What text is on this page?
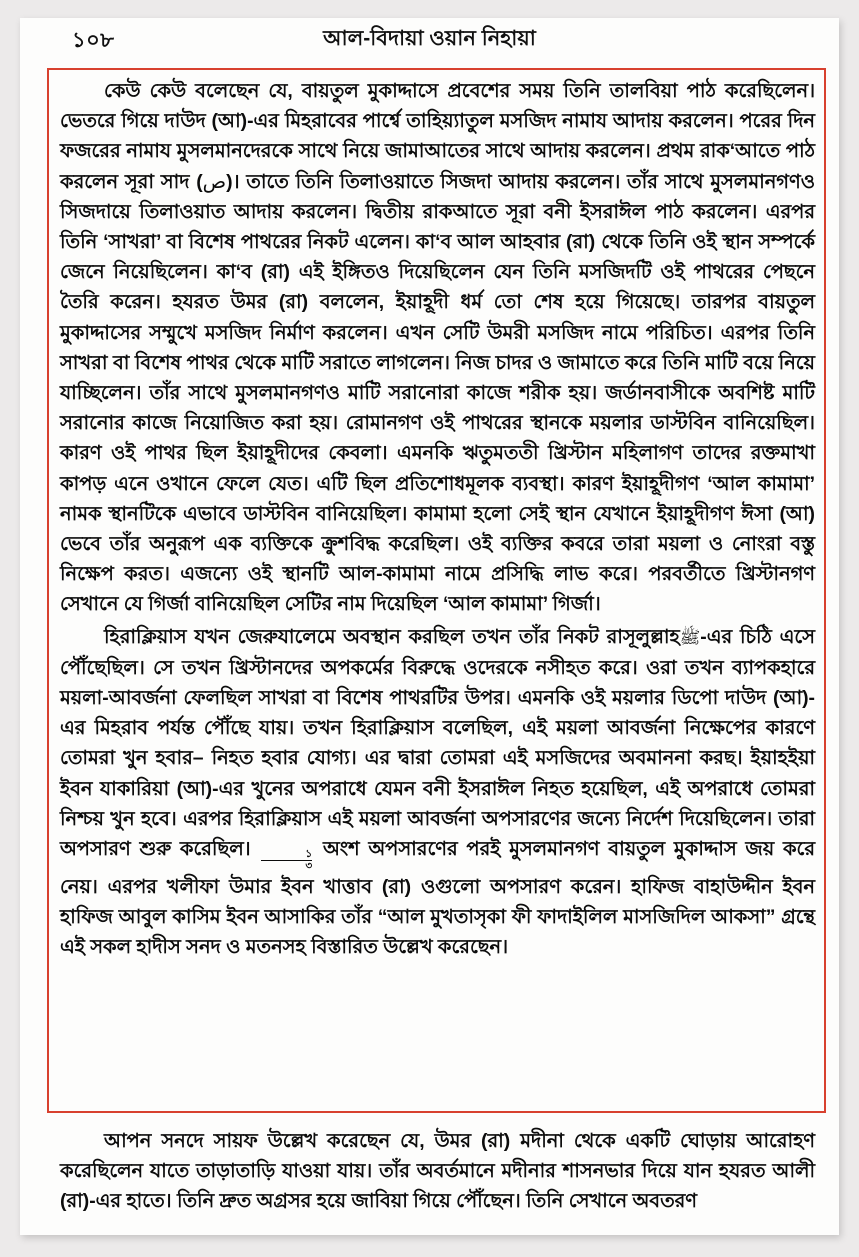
১০৮	আল-বিদায়া ওয়ান নিহায়া

কেউ কেউ বলেছেন যে, বায়তুল মুকাদ্দাসে প্রবেশের সময় তিনি তালবিয়া পাঠ করেছিলেন। ভেতরে গিয়ে দাউদ (আ)-এর মিহরাবের পার্শ্বে তাহিয়্যাতুল মসজিদ নামায আদায় করলেন। পরের দিন ফজরের নামায মুসলমানদেরকে সাথে নিয়ে জামাআতের সাথে আদায় করলেন। প্রথম রাক‘আতে পাঠ করলেন সূরা সাদ (ص)। তাতে তিনি তিলাওয়াতে সিজদা আদায় করলেন। তাঁর সাথে মুসলমানগণও সিজদায়ে তিলাওয়াত আদায় করলেন। দ্বিতীয় রাকআতে সূরা বনী ইসরাঈল পাঠ করলেন। এরপর তিনি ‘সাখরা’ বা বিশেষ পাথরের নিকট এলেন। কা‘ব আল আহবার (রা) থেকে তিনি ওই স্থান সম্পর্কে জেনে নিয়েছিলেন। কা‘ব (রা) এই ইঙ্গিতও দিয়েছিলেন যেন তিনি মসজিদটি ওই পাথরের পেছনে তৈরি করেন। হযরত উমর (রা) বললেন, ইয়াহূদী ধর্ম তো শেষ হয়ে গিয়েছে। তারপর বায়তুল মুকাদ্দাসের সম্মুখে মসজিদ নির্মাণ করলেন। এখন সেটি উমরী মসজিদ নামে পরিচিত। এরপর তিনি সাখরা বা বিশেষ পাথর থেকে মাটি সরাতে লাগলেন। নিজ চাদর ও জামাতে করে তিনি মাটি বয়ে নিয়ে যাচ্ছিলেন। তাঁর সাথে মুসলমানগণও মাটি সরানোরা কাজে শরীক হয়। জর্ডানবাসীকে অবশিষ্ট মাটি সরানোর কাজে নিয়োজিত করা হয়। রোমানগণ ওই পাথরের স্থানকে ময়লার ডাস্টবিন বানিয়েছিল। কারণ ওই পাথর ছিল ইয়াহূদীদের কেবলা। এমনকি ঋতুমততী খ্রিস্টান মহিলাগণ তাদের রক্তমাখা কাপড় এনে ওখানে ফেলে যেত। এটি ছিল প্রতিশোধমূলক ব্যবস্থা। কারণ ইয়াহূদীগণ ‘আল কামামা’ নামক স্থানটিকে এভাবে ডাস্টবিন বানিয়েছিল। কামামা হলো সেই স্থান যেখানে ইয়াহূদীগণ ঈসা (আ) ভেবে তাঁর অনুরূপ এক ব্যক্তিকে ক্রুশবিদ্ধ করেছিল। ওই ব্যক্তির কবরে তারা ময়লা ও নোংরা বস্তু নিক্ষেপ করত। এজন্যে ওই স্থানটি আল-কামামা নামে প্রসিদ্ধি লাভ করে। পরবর্তীতে খ্রিস্টানগণ সেখানে যে গির্জা বানিয়েছিল সেটির নাম দিয়েছিল ‘আল কামামা’ গির্জা।

হিরাক্লিয়াস যখন জেরুযালেমে অবস্থান করছিল তখন তাঁর নিকট রাসূলুল্লাহﷺ-এর চিঠি এসে পৌঁছেছিল। সে তখন খ্রিস্টানদের অপকর্মের বিরুদ্ধে ওদেরকে নসীহত করে। ওরা তখন ব্যাপকহারে ময়লা-আবর্জনা ফেলছিল সাখরা বা বিশেষ পাথরটির উপর। এমনকি ওই ময়লার ডিপো দাউদ (আ)-এর মিহরাব পর্যন্ত পৌঁছে যায়। তখন হিরাক্লিয়াস বলেছিল, এই ময়লা আবর্জনা নিক্ষেপের কারণে তোমরা খুন হবার– নিহত হবার যোগ্য। এর দ্বারা তোমরা এই মসজিদের অবমাননা করছ। ইয়াহইয়া ইবন যাকারিয়া (আ)-এর খুনের অপরাধে যেমন বনী ইসরাঈল নিহত হয়েছিল, এই অপরাধে তোমরা নিশ্চয় খুন হবে। এরপর হিরাক্লিয়াস এই ময়লা আবর্জনা অপসারণের জন্যে নির্দেশ দিয়েছিলেন। তারা অপসারণ শুরু করেছিল। $\frac{১}{৩}$ অংশ অপসারণের পরই মুসলমানগণ বায়তুল মুকাদ্দাস জয় করে নেয়। এরপর খলীফা উমার ইবন খাত্তাব (রা) ওগুলো অপসারণ করেন। হাফিজ বাহাউদ্দীন ইবন হাফিজ আবুল কাসিম ইবন আসাকির তাঁর “আল মুখতাসৃকা ফী ফাদাইলিল মাসজিদিল আকসা” গ্রন্থে এই সকল হাদীস সনদ ও মতনসহ বিস্তারিত উল্লেখ করেছেন।

আপন সনদে সায়ফ উল্লেখ করেছেন যে, উমর (রা) মদীনা থেকে একটি ঘোড়ায় আরোহণ করেছিলেন যাতে তাড়াতাড়ি যাওয়া যায়। তাঁর অবর্তমানে মদীনার শাসনভার দিয়ে যান হযরত আলী (রা)-এর হাতে। তিনি দ্রুত অগ্রসর হয়ে জাবিয়া গিয়ে পৌঁছেন। তিনি সেখানে অবতরণ
